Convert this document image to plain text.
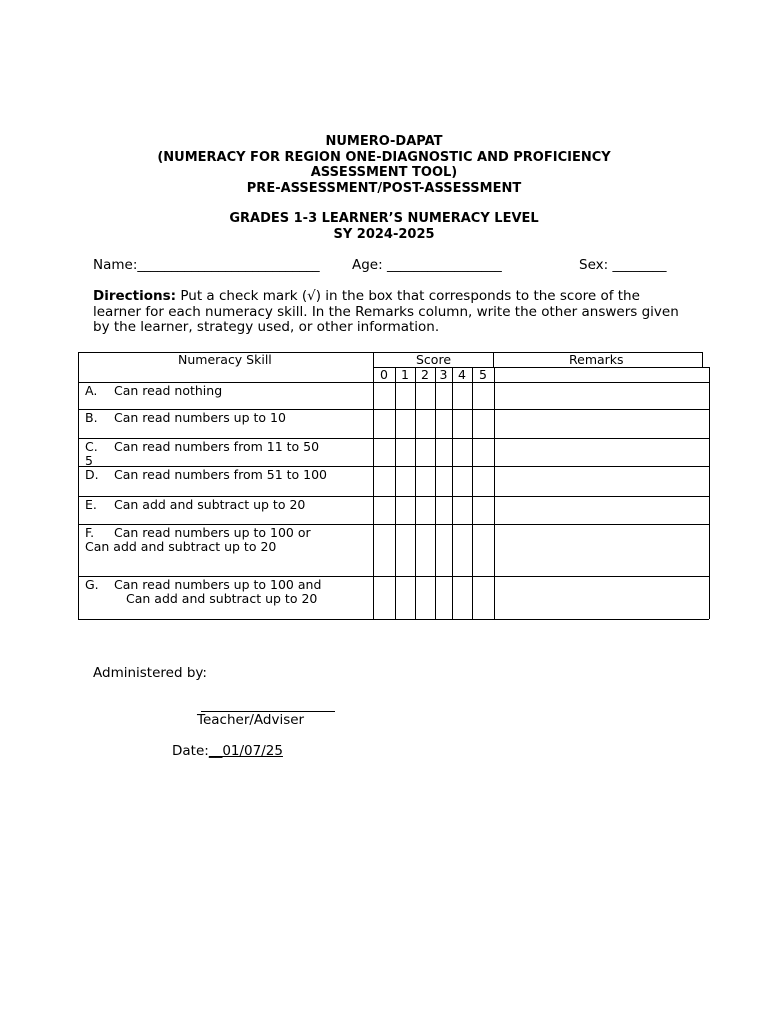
NUMERO-DAPAT
(NUMERACY FOR REGION ONE-DIAGNOSTIC AND PROFICIENCY
ASSESSMENT TOOL)
PRE-ASSESSMENT/POST-ASSESSMENT
GRADES 1-3 LEARNER’S NUMERACY LEVEL
SY 2024-2025
Name:___________________________ Age: _________________	Sex: ________
Directions: Put a check mark (√) in the box that corresponds to the score of the learner for each numeracy skill. In the Remarks column, write the other answers given by the learner, strategy used, or other information.
Numeracy Skill	Score	Remarks
0 1 2 3 4 5
A. Can read nothing
B. Can read numbers up to 10
C. Can read numbers from 11 to 50
5
D. Can read numbers from 51 to 100
E. Can add and subtract up to 20
F. Can read numbers up to 100 or
Can add and subtract up to 20
G. Can read numbers up to 100 and
Can add and subtract up to 20
Administered by:
Teacher/Adviser
Date:__01/07/25
